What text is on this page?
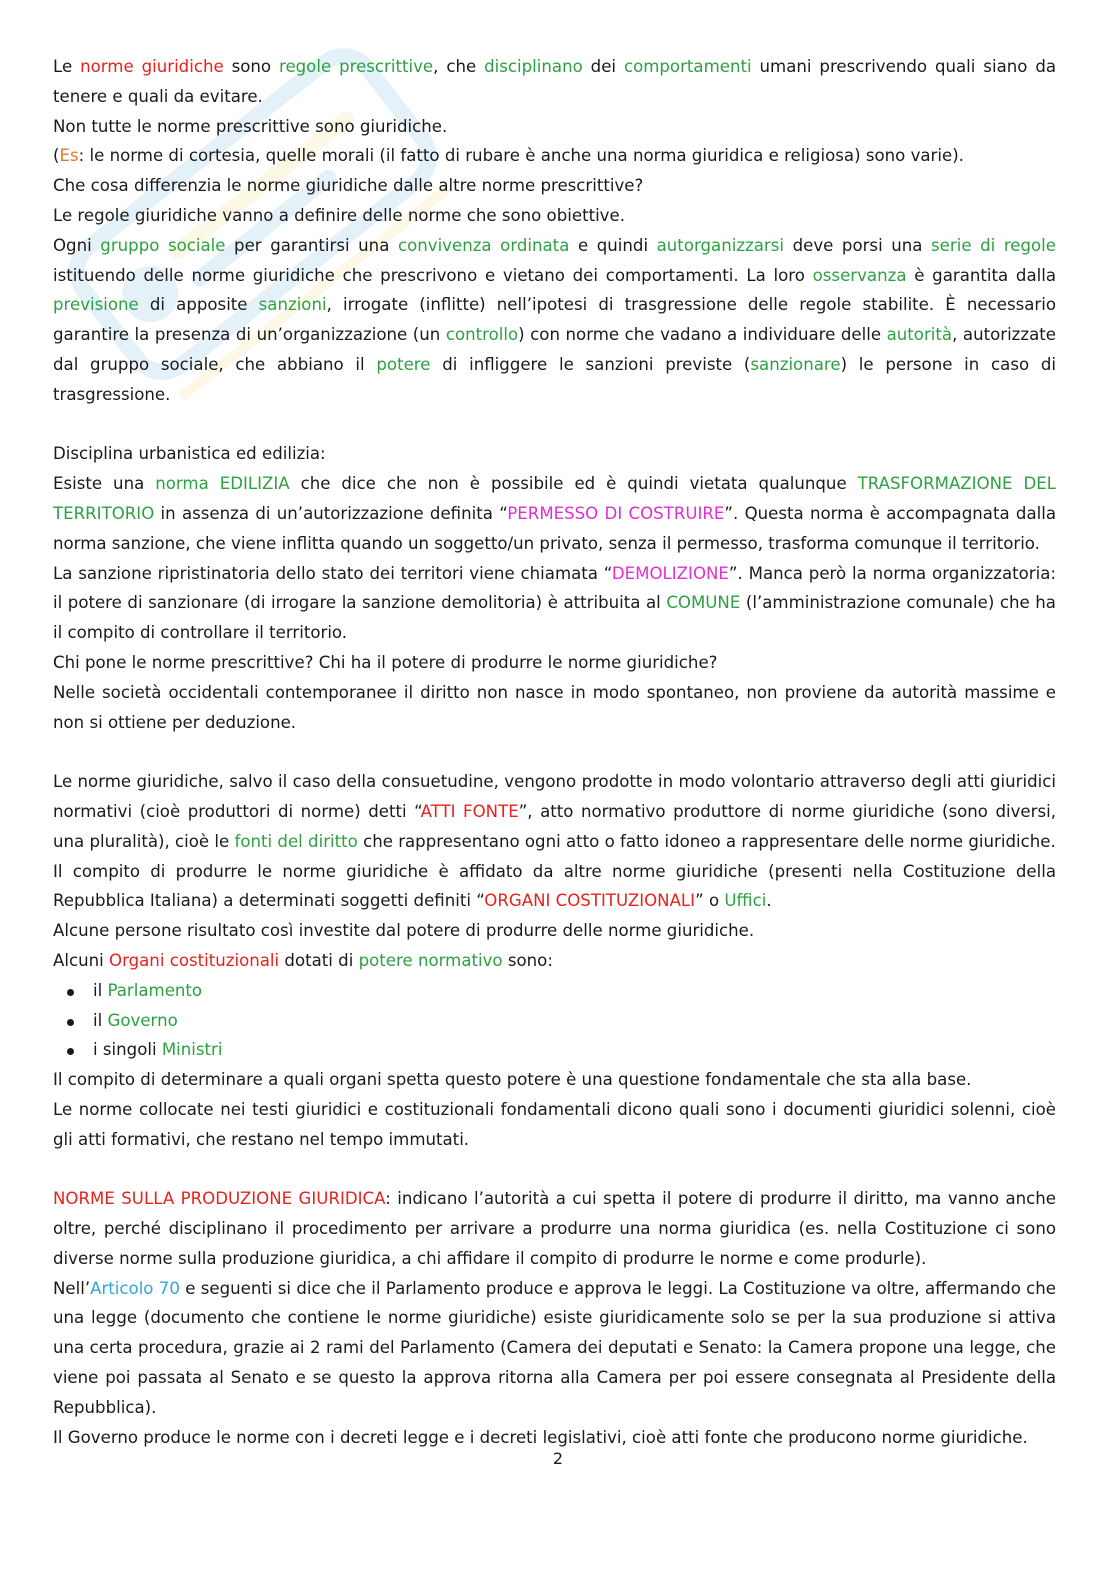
Le norme giuridiche sono regole prescrittive, che disciplinano dei comportamenti umani prescrivendo quali siano da tenere e quali da evitare.

Non tutte le norme prescrittive sono giuridiche.

(Es: le norme di cortesia, quelle morali (il fatto di rubare è anche una norma giuridica e religiosa) sono varie).

Che cosa differenzia le norme giuridiche dalle altre norme prescrittive?

Le regole giuridiche vanno a definire delle norme che sono obiettive.

Ogni gruppo sociale per garantirsi una convivenza ordinata e quindi autorganizzarsi deve porsi una serie di regole istituendo delle norme giuridiche che prescrivono e vietano dei comportamenti. La loro osservanza è garantita dalla previsione di apposite sanzioni, irrogate (inflitte) nell’ipotesi di trasgressione delle regole stabilite. È necessario garantire la presenza di un’organizzazione (un controllo) con norme che vadano a individuare delle autorità, autorizzate dal gruppo sociale, che abbiano il potere di infliggere le sanzioni previste (sanzionare) le persone in caso di trasgressione.

Disciplina urbanistica ed edilizia:

Esiste una norma EDILIZIA che dice che non è possibile ed è quindi vietata qualunque TRASFORMAZIONE DEL TERRITORIO in assenza di un’autorizzazione definita “PERMESSO DI COSTRUIRE”. Questa norma è accompagnata dalla norma sanzione, che viene inflitta quando un soggetto/un privato, senza il permesso, trasforma comunque il territorio.

La sanzione ripristinatoria dello stato dei territori viene chiamata “DEMOLIZIONE”. Manca però la norma organizzatoria: il potere di sanzionare (di irrogare la sanzione demolitoria) è attribuita al COMUNE (l’amministrazione comunale) che ha il compito di controllare il territorio.

Chi pone le norme prescrittive? Chi ha il potere di produrre le norme giuridiche?

Nelle società occidentali contemporanee il diritto non nasce in modo spontaneo, non proviene da autorità massime e non si ottiene per deduzione.

Le norme giuridiche, salvo il caso della consuetudine, vengono prodotte in modo volontario attraverso degli atti giuridici normativi (cioè produttori di norme) detti “ATTI FONTE”, atto normativo produttore di norme giuridiche (sono diversi, una pluralità), cioè le fonti del diritto che rappresentano ogni atto o fatto idoneo a rappresentare delle norme giuridiche.

Il compito di produrre le norme giuridiche è affidato da altre norme giuridiche (presenti nella Costituzione della Repubblica Italiana) a determinati soggetti definiti “ORGANI COSTITUZIONALI” o Uffici.

Alcune persone risultato così investite dal potere di produrre delle norme giuridiche.

Alcuni Organi costituzionali dotati di potere normativo sono:

il Parlamento
il Governo
i singoli Ministri

Il compito di determinare a quali organi spetta questo potere è una questione fondamentale che sta alla base.

Le norme collocate nei testi giuridici e costituzionali fondamentali dicono quali sono i documenti giuridici solenni, cioè gli atti formativi, che restano nel tempo immutati.

NORME SULLA PRODUZIONE GIURIDICA: indicano l’autorità a cui spetta il potere di produrre il diritto, ma vanno anche oltre, perché disciplinano il procedimento per arrivare a produrre una norma giuridica (es. nella Costituzione ci sono diverse norme sulla produzione giuridica, a chi affidare il compito di produrre le norme e come produrle).

Nell’Articolo 70 e seguenti si dice che il Parlamento produce e approva le leggi. La Costituzione va oltre, affermando che una legge (documento che contiene le norme giuridiche) esiste giuridicamente solo se per la sua produzione si attiva una certa procedura, grazie ai 2 rami del Parlamento (Camera dei deputati e Senato: la Camera propone una legge, che viene poi passata al Senato e se questo la approva ritorna alla Camera per poi essere consegnata al Presidente della Repubblica).

Il Governo produce le norme con i decreti legge e i decreti legislativi, cioè atti fonte che producono norme giuridiche.

2
